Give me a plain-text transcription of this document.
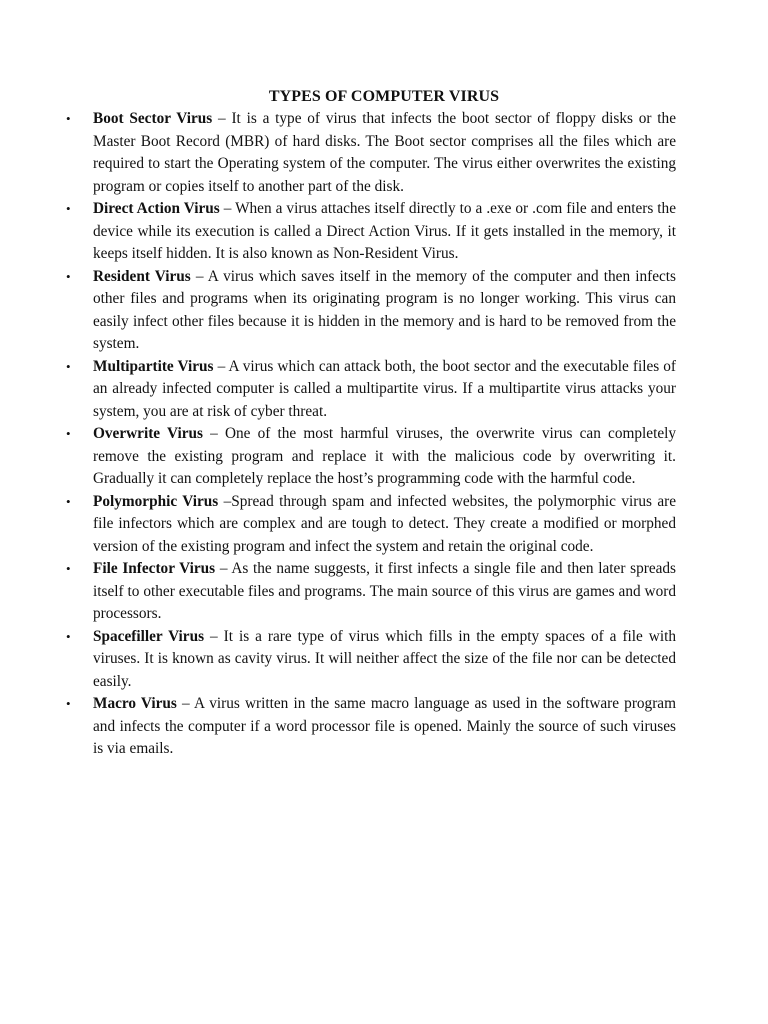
TYPES OF COMPUTER VIRUS
•	Boot Sector Virus – It is a type of virus that infects the boot sector of floppy disks or the Master Boot Record (MBR) of hard disks. The Boot sector comprises all the files which are required to start the Operating system of the computer. The virus either overwrites the existing program or copies itself to another part of the disk.
•	Direct Action Virus – When a virus attaches itself directly to a .exe or .com file and enters the device while its execution is called a Direct Action Virus. If it gets installed in the memory, it keeps itself hidden. It is also known as Non-Resident Virus.
•	Resident Virus – A virus which saves itself in the memory of the computer and then infects other files and programs when its originating program is no longer working. This virus can easily infect other files because it is hidden in the memory and is hard to be removed from the system.
•	Multipartite Virus – A virus which can attack both, the boot sector and the executable files of an already infected computer is called a multipartite virus. If a multipartite virus attacks your system, you are at risk of cyber threat.
•	Overwrite Virus – One of the most harmful viruses, the overwrite virus can completely remove the existing program and replace it with the malicious code by overwriting it. Gradually it can completely replace the host’s programming code with the harmful code.
•	Polymorphic Virus –Spread through spam and infected websites, the polymorphic virus are file infectors which are complex and are tough to detect. They create a modified or morphed version of the existing program and infect the system and retain the original code.
•	File Infector Virus – As the name suggests, it first infects a single file and then later spreads itself to other executable files and programs. The main source of this virus are games and word processors.
•	Spacefiller Virus – It is a rare type of virus which fills in the empty spaces of a file with viruses. It is known as cavity virus. It will neither affect the size of the file nor can be detected easily.
•	Macro Virus – A virus written in the same macro language as used in the software program and infects the computer if a word processor file is opened. Mainly the source of such viruses is via emails.
